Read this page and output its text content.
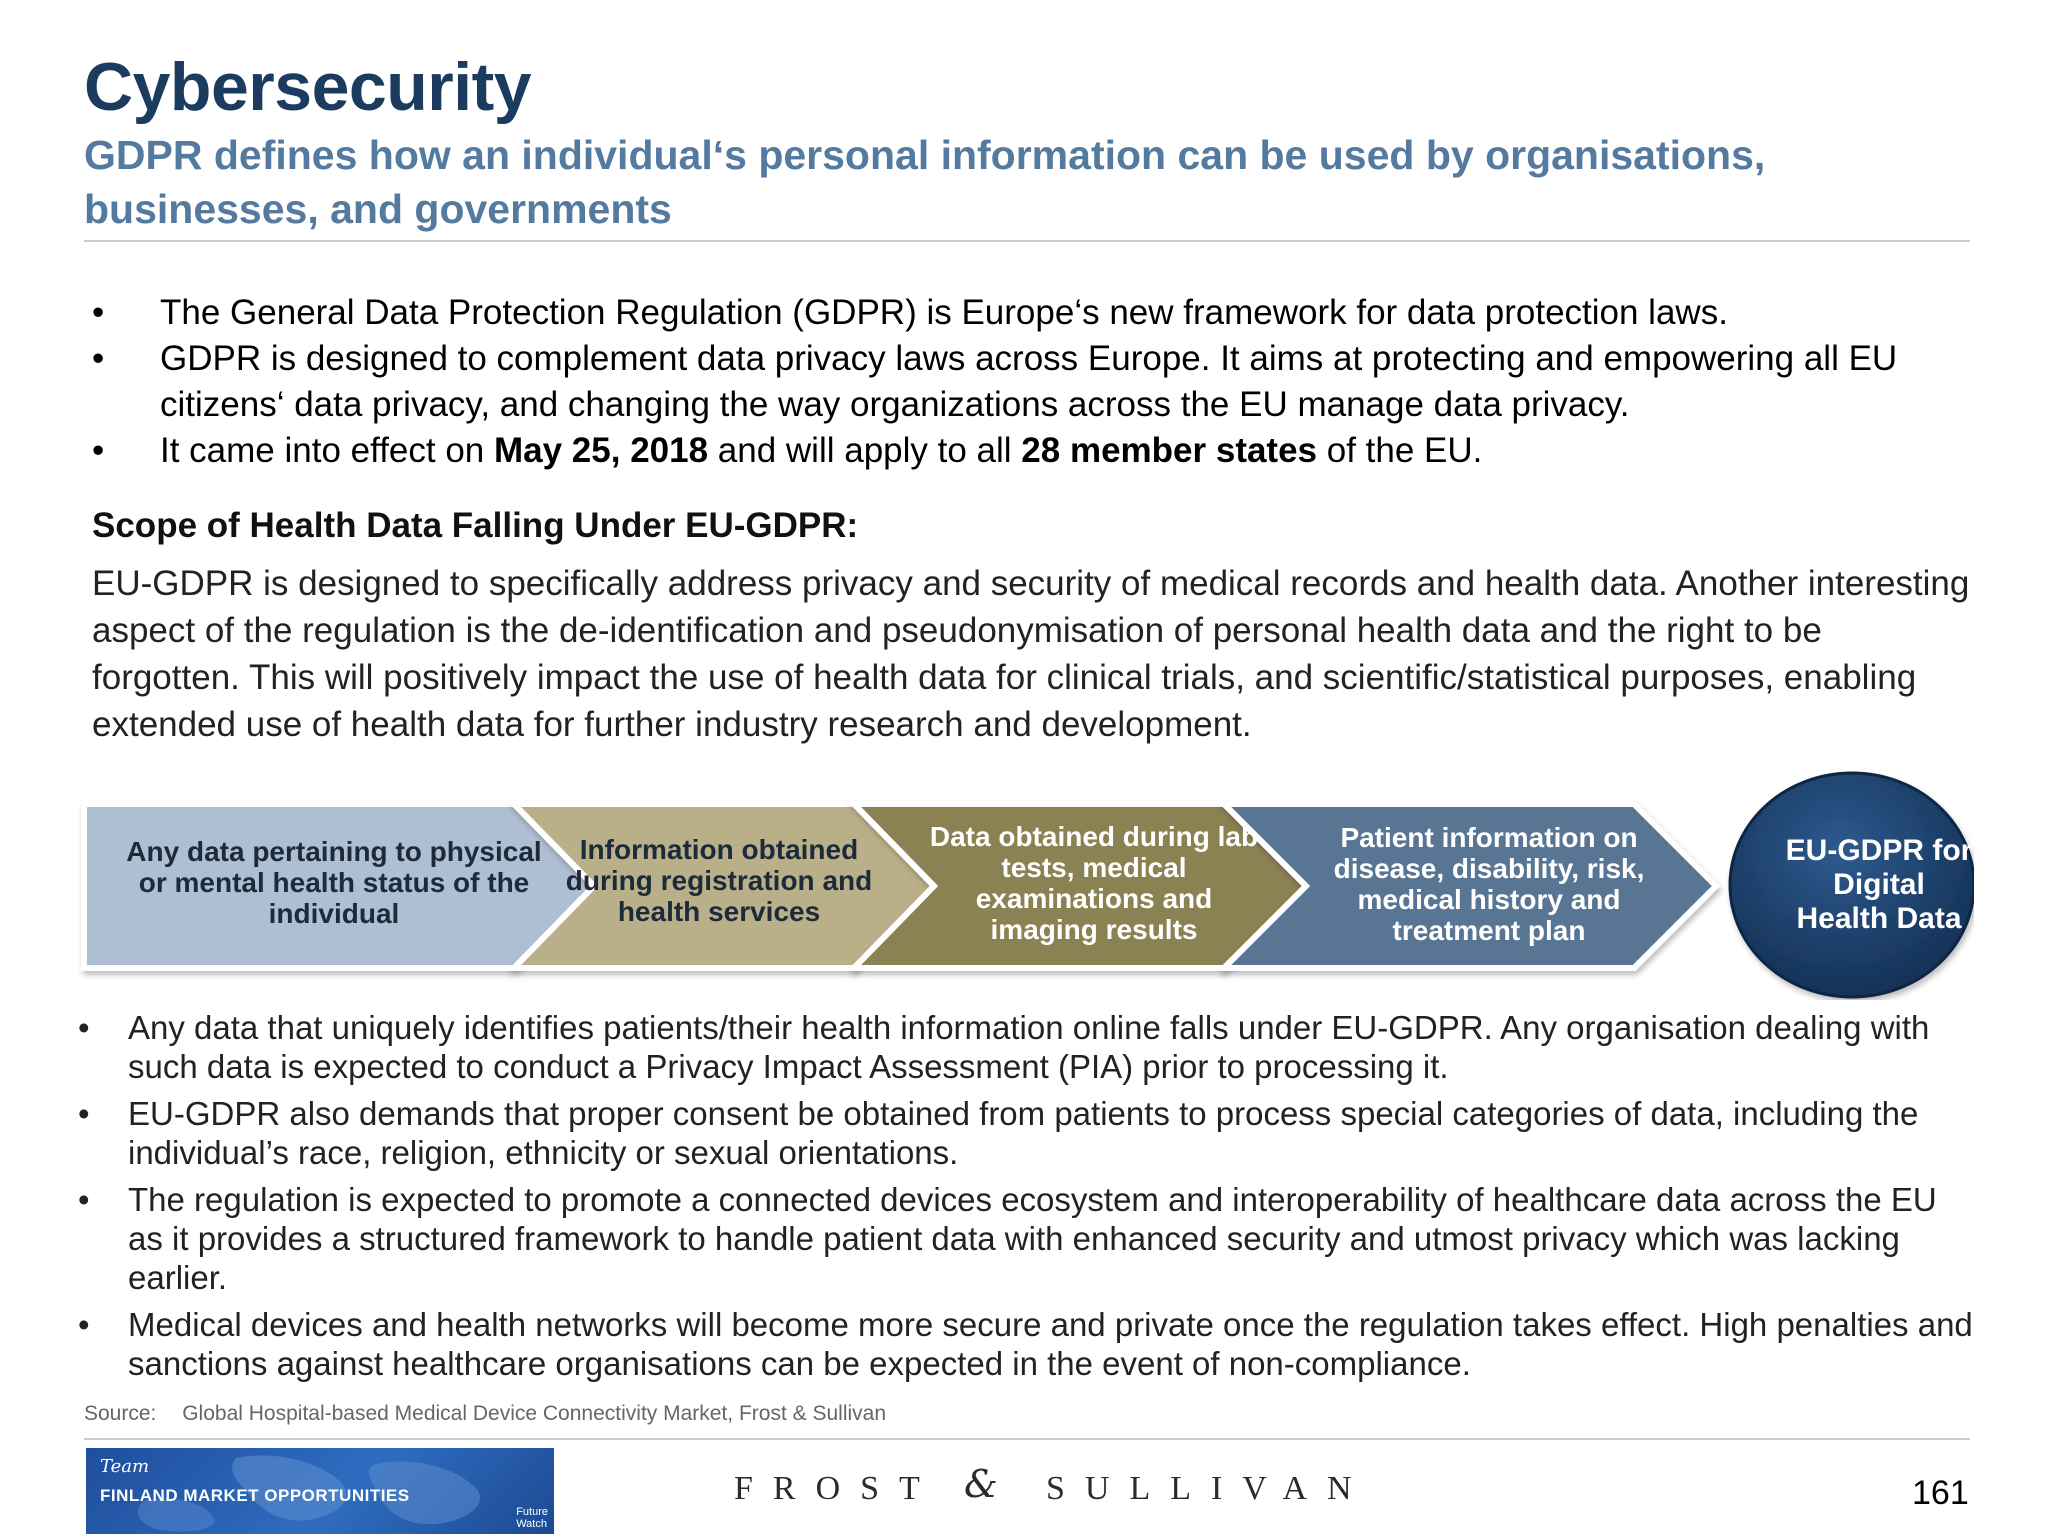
Cybersecurity
GDPR defines how an individual‘s personal information can be used by organisations, businesses, and governments
• The General Data Protection Regulation (GDPR) is Europe‘s new framework for data protection laws.
• GDPR is designed to complement data privacy laws across Europe. It aims at protecting and empowering all EU citizens‘ data privacy, and changing the way organizations across the EU manage data privacy.
• It came into effect on May 25, 2018 and will apply to all 28 member states of the EU.
Scope of Health Data Falling Under EU-GDPR:
EU-GDPR is designed to specifically address privacy and security of medical records and health data. Another interesting aspect of the regulation is the de-identification and pseudonymisation of personal health data and the right to be forgotten. This will positively impact the use of health data for clinical trials, and scientific/statistical purposes, enabling extended use of health data for further industry research and development.
Any data pertaining to physical or mental health status of the individual
Information obtained during registration and health services
Data obtained during lab tests, medical examinations and imaging results
Patient information on disease, disability, risk, medical history and treatment plan
EU-GDPR for Digital Health Data
• Any data that uniquely identifies patients/their health information online falls under EU-GDPR. Any organisation dealing with such data is expected to conduct a Privacy Impact Assessment (PIA) prior to processing it.
• EU-GDPR also demands that proper consent be obtained from patients to process special categories of data, including the individual’s race, religion, ethnicity or sexual orientations.
• The regulation is expected to promote a connected devices ecosystem and interoperability of healthcare data across the EU as it provides a structured framework to handle patient data with enhanced security and utmost privacy which was lacking earlier.
• Medical devices and health networks will become more secure and private once the regulation takes effect. High penalties and sanctions against healthcare organisations can be expected in the event of non-compliance.
Source: Global Hospital-based Medical Device Connectivity Market, Frost & Sullivan
Team
FINLAND MARKET OPPORTUNITIES
Future
Watch
FROST & SULLIVAN	161
